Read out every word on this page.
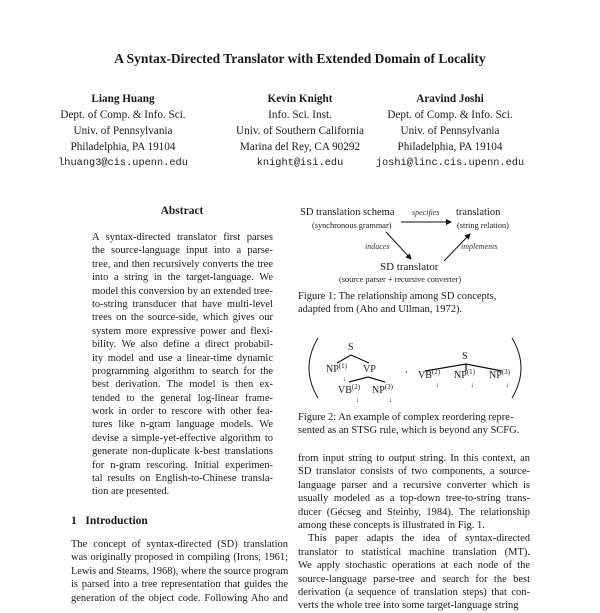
A Syntax-Directed Translator with Extended Domain of Locality
Liang Huang
Dept. of Comp. & Info. Sci.
Univ. of Pennsylvania
Philadelphia, PA 19104
lhuang3@cis.upenn.edu
Kevin Knight
Info. Sci. Inst.
Univ. of Southern California
Marina del Rey, CA 90292
knight@isi.edu
Aravind Joshi
Dept. of Comp. & Info. Sci.
Univ. of Pennsylvania
Philadelphia, PA 19104
joshi@linc.cis.upenn.edu
Abstract
A syntax-directed translator first parses
the source-language input into a parse-
tree, and then recursively converts the tree
into a string in the target-language. We
model this conversion by an extended tree-
to-string transducer that have multi-level
trees on the source-side, which gives our
system more expressive power and flexi-
bility. We also define a direct probabil-
ity model and use a linear-time dynamic
programming algorithm to search for the
best derivation. The model is then ex-
tended to the general log-linear frame-
work in order to rescore with other fea-
tures like n-gram language models. We
devise a simple-yet-effective algorithm to
generate non-duplicate k-best translations
for n-gram rescoring. Initial experimen-
tal results on English-to-Chinese transla-
tion are presented.
1 Introduction
The concept of syntax-directed (SD) translation
was originally proposed in compiling (Irons, 1961;
Lewis and Stearns, 1968), where the source program
is parsed into a tree representation that guides the
generation of the object code. Following Aho and
SD translation schema
(synchronous grammar)
specifies translation
(string relation)
induces	implements
SD translator
(source parser + recursive converter)
Figure 1: The relationship among SD concepts,
adapted from (Aho and Ullman, 1972).
S
NP$^{(1)}$
↓
VP
VB$^{(2)}$
↓
NP$^{(3)}$
↓
,
S
VB$^{(2)}$
↓
NP$^{(1)}$
↓
NP$^{(3)}$
↓
Figure 2: An example of complex reordering repre-
sented as an STSG rule, which is beyond any SCFG.
from input string to output string. In this context, an
SD translator consists of two components, a source-
language parser and a recursive converter which is
usually modeled as a top-down tree-to-string trans-
ducer (Gécseg and Steinby, 1984). The relationship
among these concepts is illustrated in Fig. 1.
This paper adapts the idea of syntax-directed
translator to statistical machine translation (MT).
We apply stochastic operations at each node of the
source-language parse-tree and search for the best
derivation (a sequence of translation steps) that con-
verts the whole tree into some target-language string
